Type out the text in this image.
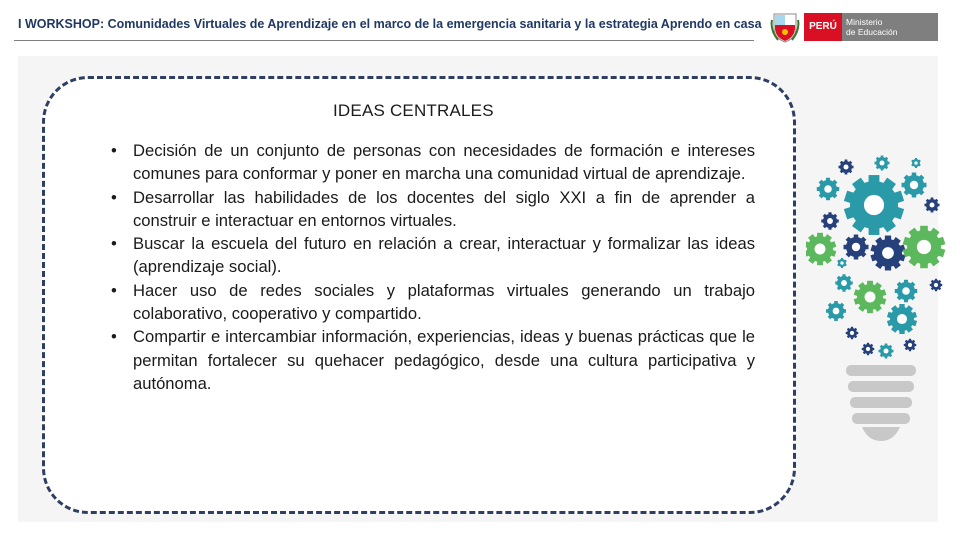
I WORKSHOP: Comunidades Virtuales de Aprendizaje en el marco de la emergencia sanitaria y la estrategia Aprendo en casa	PERÚ	Ministerio
de Educación
IDEAS CENTRALES
• Decisión de un conjunto de personas con necesidades de formación e intereses comunes para conformar y poner en marcha una comunidad virtual de aprendizaje.
• Desarrollar las habilidades de los docentes del siglo XXI a fin de aprender a construir e interactuar en entornos virtuales.
• Buscar la escuela del futuro en relación a crear, interactuar y formalizar las ideas (aprendizaje social).
• Hacer uso de redes sociales y plataformas virtuales generando un trabajo colaborativo, cooperativo y compartido.
• Compartir e intercambiar información, experiencias, ideas y buenas prácticas que le permitan fortalecer su quehacer pedagógico, desde una cultura participativa y autónoma.
